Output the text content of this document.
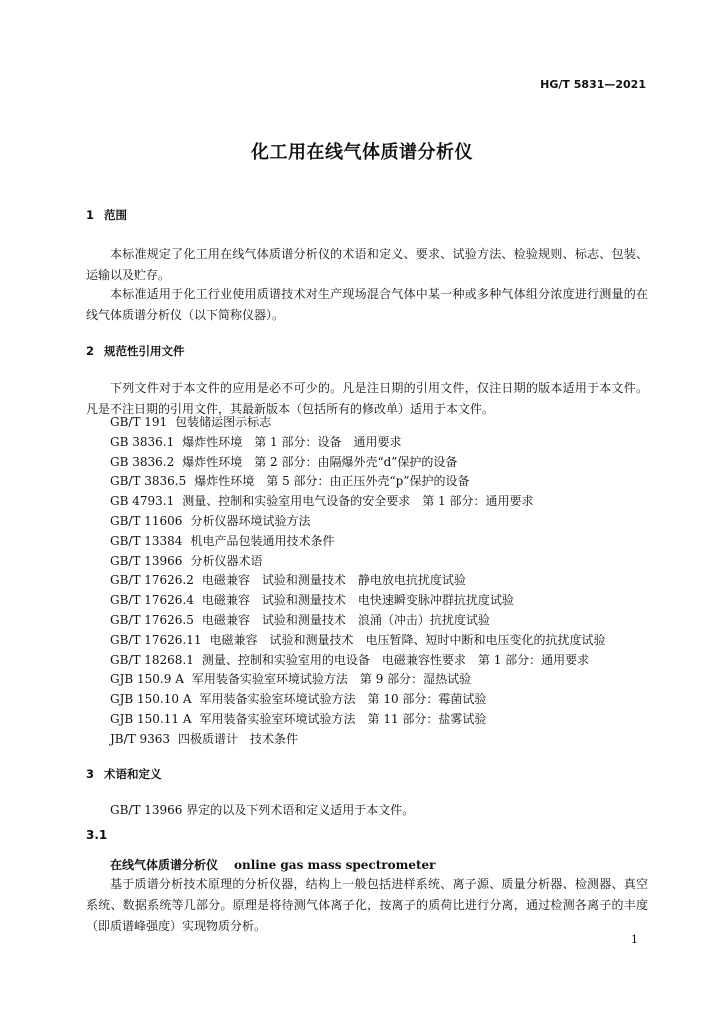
HG/T 5831—2021
化工用在线气体质谱分析仪
1 范围
本标准规定了化工用在线气体质谱分析仪的术语和定义、要求、试验方法、检验规则、标志、包装、运输以及贮存。
本标准适用于化工行业使用质谱技术对生产现场混合气体中某一种或多种气体组分浓度进行测量的在线气体质谱分析仪（以下简称仪器）。
2 规范性引用文件
下列文件对于本文件的应用是必不可少的。凡是注日期的引用文件，仅注日期的版本适用于本文件。凡是不注日期的引用文件，其最新版本（包括所有的修改单）适用于本文件。
GB/T 191 包装储运图示标志
GB 3836.1 爆炸性环境　第 1 部分：设备　通用要求
GB 3836.2 爆炸性环境　第 2 部分：由隔爆外壳“d”保护的设备
GB/T 3836.5 爆炸性环境　第 5 部分：由正压外壳“p”保护的设备
GB 4793.1 测量、控制和实验室用电气设备的安全要求　第 1 部分：通用要求
GB/T 11606 分析仪器环境试验方法
GB/T 13384 机电产品包装通用技术条件
GB/T 13966 分析仪器术语
GB/T 17626.2 电磁兼容　试验和测量技术　静电放电抗扰度试验
GB/T 17626.4 电磁兼容　试验和测量技术　电快速瞬变脉冲群抗扰度试验
GB/T 17626.5 电磁兼容　试验和测量技术　浪涌（冲击）抗扰度试验
GB/T 17626.11 电磁兼容　试验和测量技术　电压暂降、短时中断和电压变化的抗扰度试验
GB/T 18268.1 测量、控制和实验室用的电设备　电磁兼容性要求　第 1 部分：通用要求
GJB 150.9 A 军用装备实验室环境试验方法　第 9 部分：湿热试验
GJB 150.10 A 军用装备实验室环境试验方法　第 10 部分：霉菌试验
GJB 150.11 A 军用装备实验室环境试验方法　第 11 部分：盐雾试验
JB/T 9363 四极质谱计　技术条件
3 术语和定义
GB/T 13966 界定的以及下列术语和定义适用于本文件。
3.1
在线气体质谱分析仪 online gas mass spectrometer
基于质谱分析技术原理的分析仪器，结构上一般包括进样系统、离子源、质量分析器、检测器、真空系统、数据系统等几部分。原理是将待测气体离子化，按离子的质荷比进行分离，通过检测各离子的丰度（即质谱峰强度）实现物质分析。
1
